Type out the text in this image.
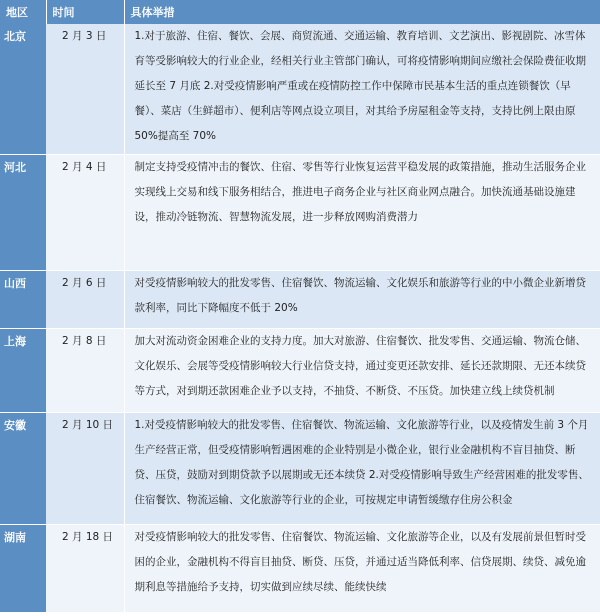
地区	时间	具体举措
北京	2 月 3 日	1.对于旅游、住宿、餐饮、会展、商贸流通、交通运输、教育培训、文艺演出、影视剧院、冰雪体育等受影响较大的行业企业，经相关行业主管部门确认，可将疫情影响期间应缴社会保险费征收期延长至 7 月底 2.对受疫情影响严重或在疫情防控工作中保障市民基本生活的重点连锁餐饮（早餐）、菜店（生鲜超市）、便利店等网点设立项目，对其给予房屋租金等支持，支持比例上限由原 50%提高至 70%
河北	2 月 4 日	制定支持受疫情冲击的餐饮、住宿、零售等行业恢复运营平稳发展的政策措施，推动生活服务企业实现线上交易和线下服务相结合，推进电子商务企业与社区商业网点融合。加快流通基础设施建设，推动冷链物流、智慧物流发展，进一步释放网购消费潜力
山西	2 月 6 日	对受疫情影响较大的批发零售、住宿餐饮、物流运输、文化娱乐和旅游等行业的中小微企业新增贷款利率，同比下降幅度不低于 20%
上海	2 月 8 日	加大对流动资金困难企业的支持力度。加大对旅游、住宿餐饮、批发零售、交通运输、物流仓储、文化娱乐、会展等受疫情影响较大行业信贷支持，通过变更还款安排、延长还款期限、无还本续贷等方式，对到期还款困难企业予以支持，不抽贷、不断贷、不压贷。加快建立线上续贷机制
安徽	2 月 10 日	1.对受疫情影响较大的批发零售、住宿餐饮、物流运输、文化旅游等行业，以及疫情发生前 3 个月生产经营正常，但受疫情影响暂遇困难的企业特别是小微企业，银行业金融机构不盲目抽贷、断贷、压贷，鼓励对到期贷款予以展期或无还本续贷 2.对受疫情影响导致生产经营困难的批发零售、住宿餐饮、物流运输、文化旅游等行业的企业，可按规定申请暂缓缴存住房公积金
湖南	2 月 18 日	对受疫情影响较大的批发零售、住宿餐饮、物流运输、文化旅游等企业，以及有发展前景但暂时受困的企业，金融机构不得盲目抽贷、断贷、压贷，并通过适当降低利率、信贷展期、续贷、减免逾期利息等措施给予支持，切实做到应续尽续、能续快续
